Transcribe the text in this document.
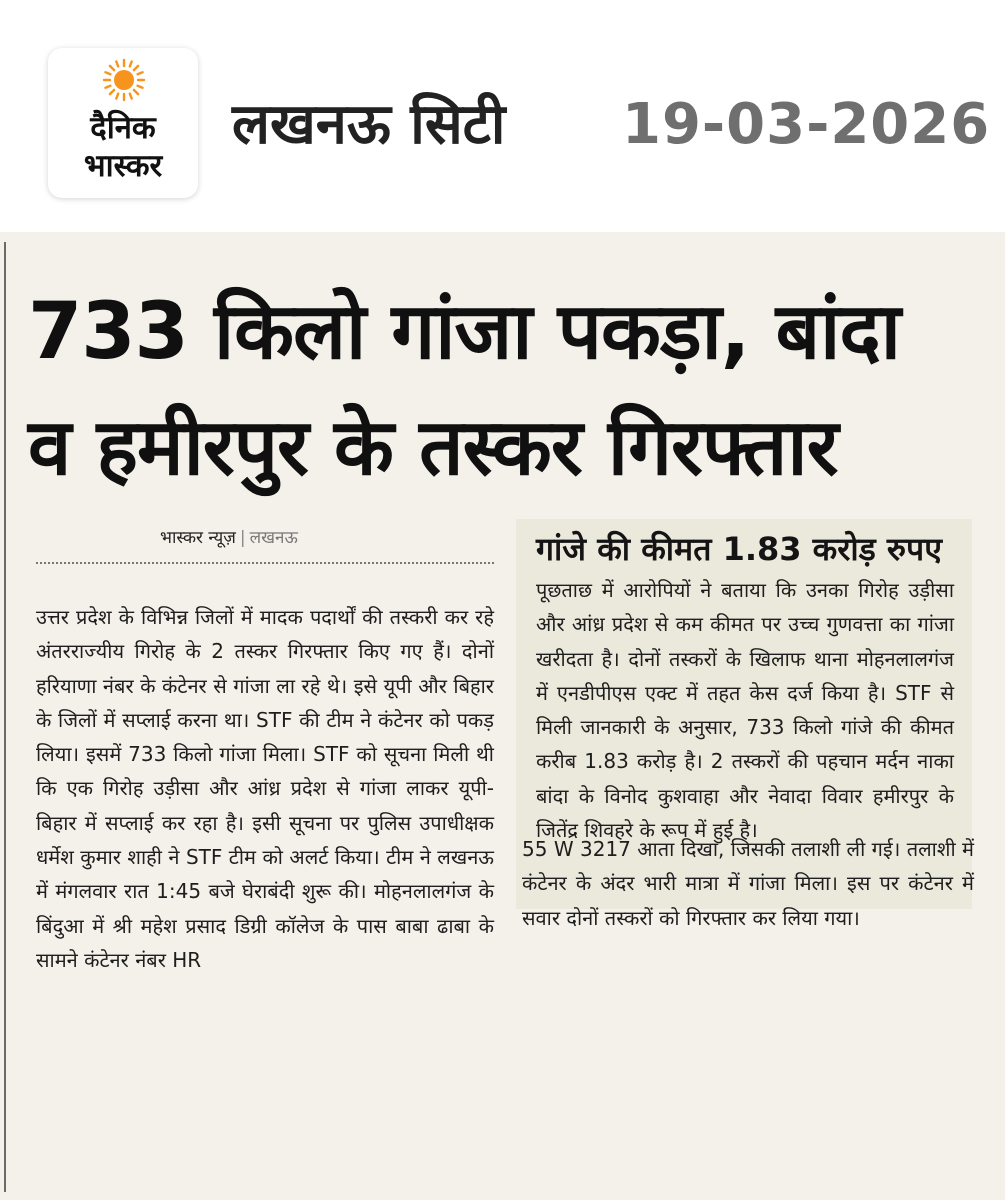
दैनिक
भास्कर
लखनऊ सिटी 19-03-2026
733 किलो गांजा पकड़ा, बांदा
व हमीरपुर के तस्कर गिरफ्तार
भास्कर न्यूज़ | लखनऊ

उत्तर प्रदेश के विभिन्न जिलों में मादक पदार्थों की तस्करी कर रहे अंतरराज्यीय गिरोह के 2 तस्कर गिरफ्तार किए गए हैं। दोनों हरियाणा नंबर के कंटेनर से गांजा ला रहे थे। इसे यूपी और बिहार के जिलों में सप्लाई करना था। STF की टीम ने कंटेनर को पकड़ लिया। इसमें 733 किलो गांजा मिला। STF को सूचना मिली थी कि एक गिरोह उड़ीसा और आंध्र प्रदेश से गांजा लाकर यूपी-बिहार में सप्लाई कर रहा है। इसी सूचना पर पुलिस उपाधीक्षक धर्मेश कुमार शाही ने STF टीम को अलर्ट किया। टीम ने लखनऊ में मंगलवार रात 1:45 बजे घेराबंदी शुरू की। मोहनलालगंज के बिंदुआ में श्री महेश प्रसाद डिग्री कॉलेज के पास बाबा ढाबा के सामने कंटेनर नंबर HR

गांजे की कीमत 1.83 करोड़ रुपए

पूछताछ में आरोपियों ने बताया कि उनका गिरोह उड़ीसा और आंध्र प्रदेश से कम कीमत पर उच्च गुणवत्ता का गांजा खरीदता है। दोनों तस्करों के खिलाफ थाना मोहनलालगंज में एनडीपीएस एक्ट में तहत केस दर्ज किया है। STF से मिली जानकारी के अनुसार, 733 किलो गांजे की कीमत करीब 1.83 करोड़ है। 2 तस्करों की पहचान मर्दन नाका बांदा के विनोद कुशवाहा और नेवादा विवार हमीरपुर के जितेंद्र शिवहरे के रूप में हुई है।

55 W 3217 आता दिखा, जिसकी तलाशी ली गई। तलाशी में कंटेनर के अंदर भारी मात्रा में गांजा मिला। इस पर कंटेनर में सवार दोनों तस्करों को गिरफ्तार कर लिया गया।
